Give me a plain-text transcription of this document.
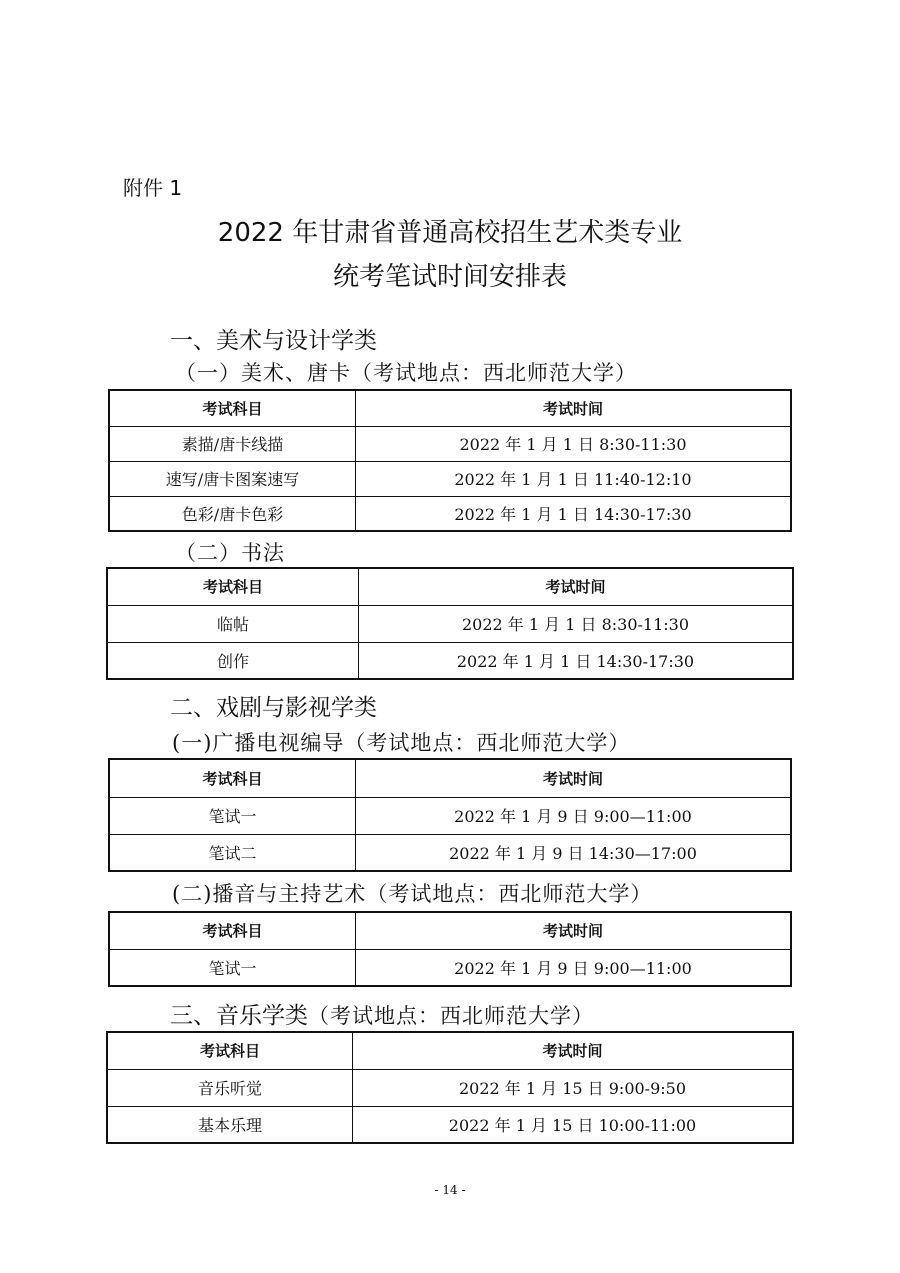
附件 1
2022 年甘肃省普通高校招生艺术类专业
统考笔试时间安排表
一、美术与设计学类
（一）美术、唐卡（考试地点：西北师范大学）
考试科目	考试时间
素描/唐卡线描	2022 年 1 月 1 日 8:30-11:30
速写/唐卡图案速写	2022 年 1 月 1 日 11:40-12:10
色彩/唐卡色彩	2022 年 1 月 1 日 14:30-17:30
（二）书法
考试科目	考试时间
临帖	2022 年 1 月 1 日 8:30-11:30
创作	2022 年 1 月 1 日 14:30-17:30
二、戏剧与影视学类
(一)广播电视编导（考试地点：西北师范大学）
考试科目	考试时间
笔试一	2022 年 1 月 9 日 9:00—11:00
笔试二	2022 年 1 月 9 日 14:30—17:00
(二)播音与主持艺术（考试地点：西北师范大学）
考试科目	考试时间
笔试一	2022 年 1 月 9 日 9:00—11:00
三、音乐学类（考试地点：西北师范大学）
考试科目	考试时间
音乐听觉	2022 年 1 月 15 日 9:00-9:50
基本乐理	2022 年 1 月 15 日 10:00-11:00
- 14 -
